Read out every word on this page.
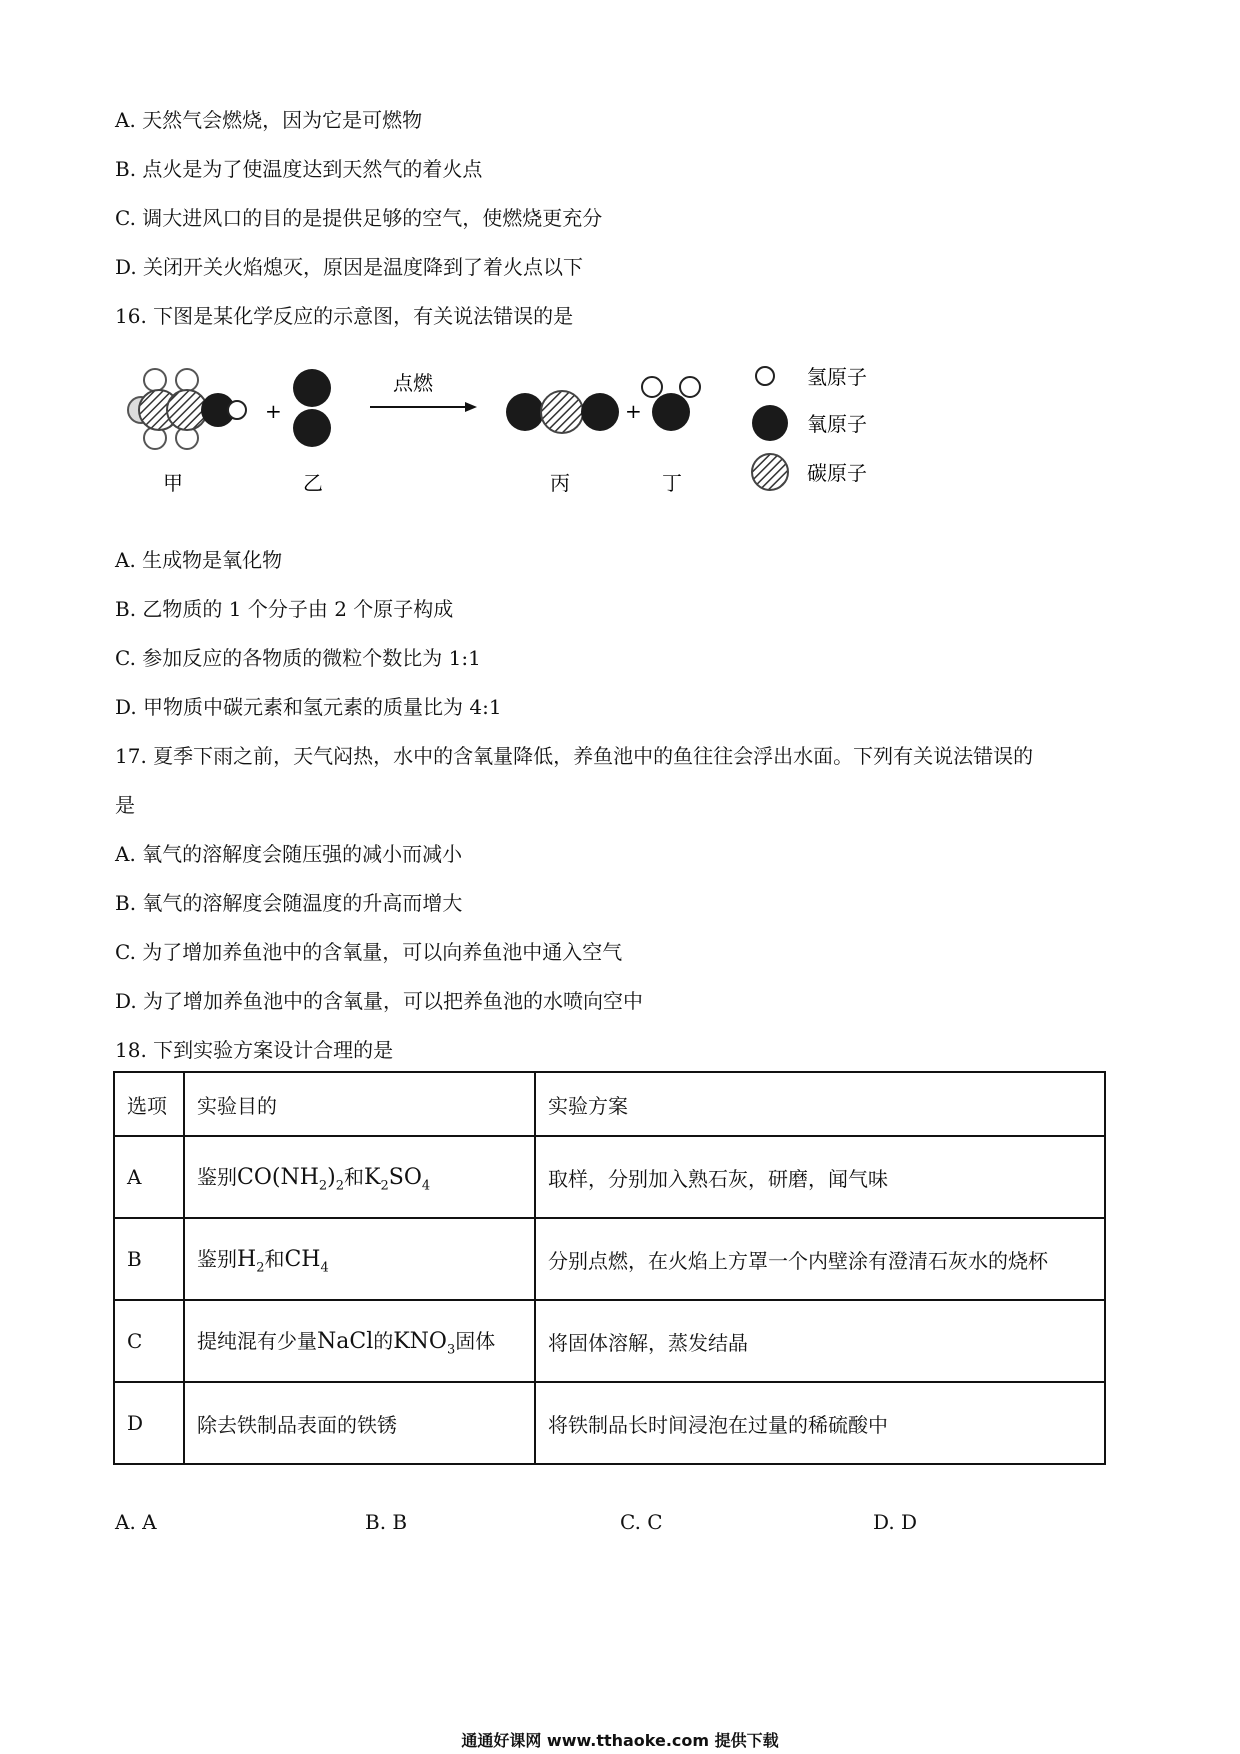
A. 天然气会燃烧，因为它是可燃物
B. 点火是为了使温度达到天然气的着火点
C. 调大进风口的目的是提供足够的空气，使燃烧更充分
D. 关闭开关火焰熄灭，原因是温度降到了着火点以下
16. 下图是某化学反应的示意图，有关说法错误的是
+
点燃
+
甲	乙	丙	丁
氢原子
氧原子
碳原子
A. 生成物是氧化物
B. 乙物质的 1 个分子由 2 个原子构成
C. 参加反应的各物质的微粒个数比为 1:1
D. 甲物质中碳元素和氢元素的质量比为 4:1
17. 夏季下雨之前，天气闷热，水中的含氧量降低，养鱼池中的鱼往往会浮出水面。下列有关说法错误的
是
A. 氧气的溶解度会随压强的减小而减小
B. 氧气的溶解度会随温度的升高而增大
C. 为了增加养鱼池中的含氧量，可以向养鱼池中通入空气
D. 为了增加养鱼池中的含氧量，可以把养鱼池的水喷向空中
18. 下到实验方案设计合理的是
选项	实验目的	实验方案
A	鉴别$CO(NH_2)_2$和$K_2SO_4$	取样，分别加入熟石灰，研磨，闻气味
B	鉴别$H_2$和$CH_4$	分别点燃，在火焰上方罩一个内壁涂有澄清石灰水的烧杯
C	提纯混有少量NaCl的$KNO_3$固体	将固体溶解，蒸发结晶
D	除去铁制品表面的铁锈	将铁制品长时间浸泡在过量的稀硫酸中
A. A	B. B	C. C	D. D
通通好课网 www.tthaoke.com 提供下载
